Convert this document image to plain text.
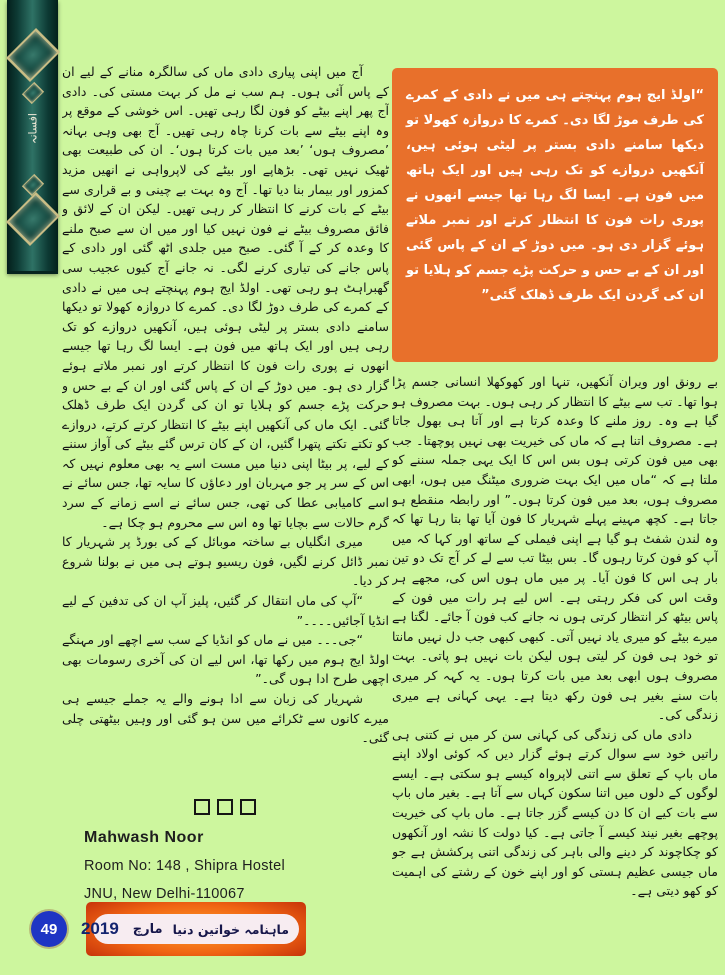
افسانہ
“اولڈ ایج ہوم پہنچتے ہی میں نے دادی کے کمرے کی طرف موڑ لگا دی۔ کمرے کا دروازہ کھولا تو دیکھا سامنے دادی بستر پر لیٹی ہوئی ہیں، آنکھیں دروازے کو تک رہی ہیں اور ایک ہاتھ میں فون ہے۔ ایسا لگ رہا تھا جیسے انھوں نے پوری رات فون کا انتظار کرتے اور نمبر ملاتے ہوئے گزار دی ہو۔ میں دوڑ کے ان کے پاس گئی اور ان کے بے حس و حرکت پڑے جسم کو ہلایا تو ان کی گردن ایک طرف ڈھلک گئی”

بے رونق اور ویران آنکھیں، تنہا اور کھوکھلا انسانی جسم پڑا ہوا تھا۔ تب سے بیٹے کا انتظار کر رہی ہوں۔ بہت مصروف ہو گیا ہے وہ۔ روز ملنے کا وعدہ کرتا ہے اور آتا ہی بھول جاتا ہے۔ مصروف اتنا ہے کہ ماں کی خیریت بھی نہیں پوچھتا۔ جب بھی میں فون کرتی ہوں بس اس کا ایک یہی جملہ سننے کو ملتا ہے کہ “ماں میں ایک بہت ضروری میٹنگ میں ہوں، ابھی مصروف ہوں، بعد میں فون کرتا ہوں۔” اور رابطہ منقطع ہو جاتا ہے۔ کچھ مہینے پہلے شہریار کا فون آیا تھا بتا رہا تھا کہ وہ لندن شفٹ ہو گیا ہے اپنی فیملی کے ساتھ اور کہا کہ میں آپ کو فون کرتا رہوں گا۔ بس بیٹا تب سے لے کر آج تک دو تین بار ہی اس کا فون آیا۔ پر میں ماں ہوں اس کی، مجھے ہر وقت اس کی فکر رہتی ہے۔ اس لیے ہر رات میں فون کے پاس بیٹھ کر انتظار کرتی ہوں نہ جانے کب فون آ جائے۔ لگتا ہے میرے بیٹے کو میری یاد نہیں آتی۔ کبھی کبھی جب دل نہیں مانتا تو خود ہی فون کر لیتی ہوں لیکن بات نہیں ہو پاتی۔ بہت مصروف ہوں ابھی بعد میں بات کرتا ہوں۔ یہ کہہ کر میری بات سنے بغیر ہی فون رکھ دیتا ہے۔ یہی کہانی ہے میری زندگی کی۔

دادی ماں کی زندگی کی کہانی سن کر میں نے کتنی ہی راتیں خود سے سوال کرتے ہوئے گزار دیں کہ کوئی اولاد اپنے ماں باپ کے تعلق سے اتنی لاپرواہ کیسے ہو سکتی ہے۔ ایسے لوگوں کے دلوں میں اتنا سکون کہاں سے آتا ہے۔ بغیر ماں باپ سے بات کیے ان کا دن کیسے گزر جاتا ہے۔ ماں باپ کی خیریت پوچھے بغیر نیند کیسے آ جاتی ہے۔ کیا دولت کا نشہ اور آنکھوں کو چکاچوند کر دینے والی باہر کی زندگی اتنی پرکشش ہے جو ماں جیسی عظیم ہستی کو اور اپنے خون کے رشتے کی اہمیت کو کھو دیتی ہے۔

آج میں اپنی پیاری دادی ماں کی سالگرہ منانے کے لیے ان کے پاس آئی ہوں۔ ہم سب نے مل کر بہت مستی کی۔ دادی آج پھر اپنے بیٹے کو فون لگا رہی تھیں۔ اس خوشی کے موقع پر وہ اپنے بیٹے سے بات کرنا چاہ رہی تھیں۔ آج بھی وہی بہانہ ’مصروف ہوں‘ ’بعد میں بات کرتا ہوں‘۔ ان کی طبیعت بھی ٹھیک نہیں تھی۔ بڑھاپے اور بیٹے کی لاپرواہی نے انھیں مزید کمزور اور بیمار بنا دیا تھا۔ آج وہ بہت بے چینی و بے قراری سے بیٹے کے بات کرنے کا انتظار کر رہی تھیں۔ لیکن ان کے لائق و فائق مصروف بیٹے نے فون نہیں کیا اور میں ان سے صبح ملنے کا وعدہ کر کے آ گئی۔ صبح میں جلدی اٹھ گئی اور دادی کے پاس جانے کی تیاری کرنے لگی۔ نہ جانے آج کیوں عجیب سی گھبراہٹ ہو رہی تھی۔ اولڈ ایج ہوم پہنچتے ہی میں نے دادی کے کمرے کی طرف دوڑ لگا دی۔ کمرے کا دروازہ کھولا تو دیکھا سامنے دادی بستر پر لیٹی ہوئی ہیں، آنکھیں دروازے کو تک رہی ہیں اور ایک ہاتھ میں فون ہے۔ ایسا لگ رہا تھا جیسے انھوں نے پوری رات فون کا انتظار کرتے اور نمبر ملاتے ہوئے گزار دی ہو۔ میں دوڑ کے ان کے پاس گئی اور ان کے بے حس و حرکت پڑے جسم کو ہلایا تو ان کی گردن ایک طرف ڈھلک گئی۔ ایک ماں کی آنکھیں اپنے بیٹے کا انتظار کرتے کرتے، دروازے کو تکتے تکتے پتھرا گئیں، ان کے کان ترس گئے بیٹے کی آواز سننے کے لیے، پر بیٹا اپنی دنیا میں مست اسے یہ بھی معلوم نہیں کہ اس کے سر پر جو مہربان اور دعاؤں کا سایہ تھا، جس سائے نے اسے کامیابی عطا کی تھی، جس سائے نے اسے زمانے کے سرد گرم حالات سے بچایا تھا وہ اس سے محروم ہو چکا ہے۔

میری انگلیاں بے ساختہ موبائل کے کی بورڈ پر شہریار کا نمبر ڈائل کرنے لگیں، فون ریسیو ہوتے ہی میں نے بولنا شروع کر دیا۔

“آپ کی ماں انتقال کر گئیں، پلیز آپ ان کی تدفین کے لیے انڈیا آجائیں۔۔۔۔”

“جی۔۔۔ میں نے ماں کو انڈیا کے سب سے اچھے اور مہنگے اولڈ ایج ہوم میں رکھا تھا، اس لیے ان کی آخری رسومات بھی اچھی طرح ادا ہوں گی۔”

شہریار کی زبان سے ادا ہونے والے یہ جملے جیسے ہی میرے کانوں سے ٹکرائے میں سن ہو گئی اور وہیں بیٹھتی چلی گئی۔

Mahwash Noor
Room No: 148 , Shipra Hostel
JNU, New Delhi-110067
ماہنامہ خواتین دنیا
مارچ
2019
49
